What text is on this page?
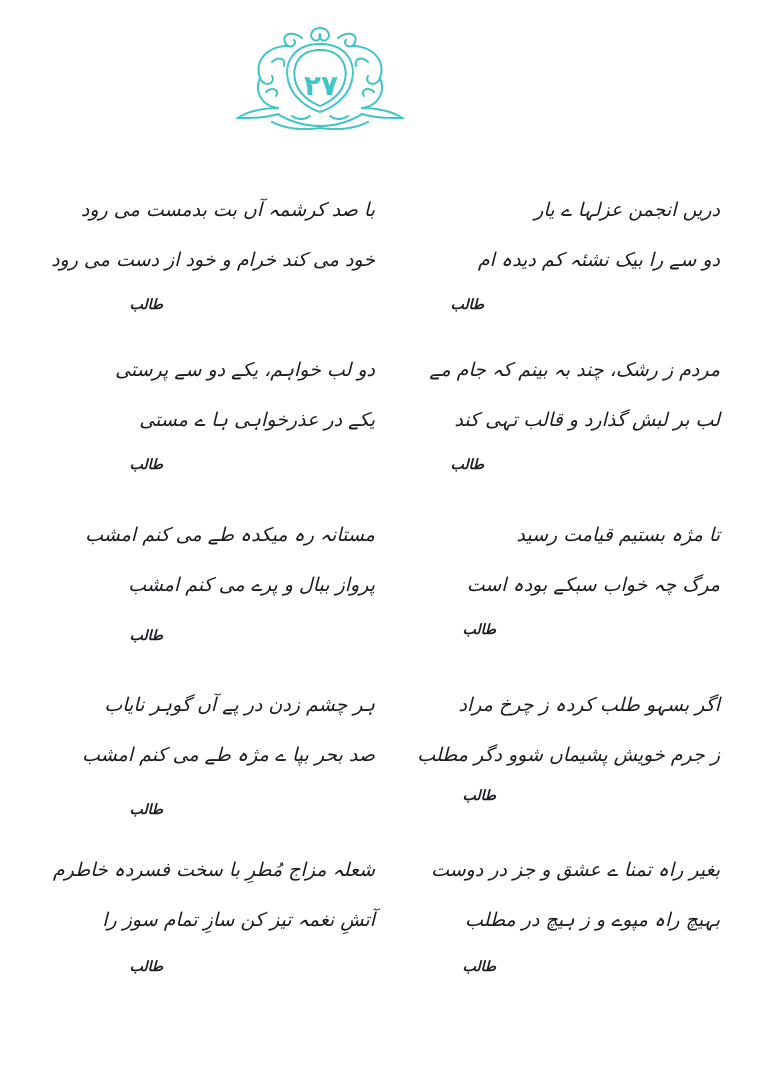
۲۷
دریں انجمن عزلہا ے یار
دو سے را بیک نشئہ کم دیدہ ام
طالب
با صد کرشمہ آں بت بدمست می رود
خود می کند خرام و خود از دست می رود
طالب
مردم ز رشک، چند بہ بینم کہ جام مے
لب بر لبش گذارد و قالب تہی کند
طالب
دو لب خواہم، یکے دو سے پرستی
یکے در عذرخواہی ہا ے مستی
طالب
تا مژہ بستیم قیامت رسید
مرگ چہ خواب سبکے بودہ است
طالب
مستانہ رہ میکدہ طے می کنم امشب
پرواز ببال و پرے می کنم امشب
طالب
اگر بسہو طلب کردہ ز چرخ مراد
ز جرم خویش پشیماں شوو دگر مطلب
طالب
ہر چشم زدن در پے آں گوہر نایاب
صد بحر بپا ے مژہ طے می کنم امشب
طالب
بغیر راہ تمنا ے عشق و جز در دوست
بہیچ راہ مپوے و ز ہیچ در مطلب
طالب
شعلہ مزاج مُطرِ با سخت فسردہ خاطرم
آتشِ نغمہ تیز کن سازِ تمام سوز را
طالب
